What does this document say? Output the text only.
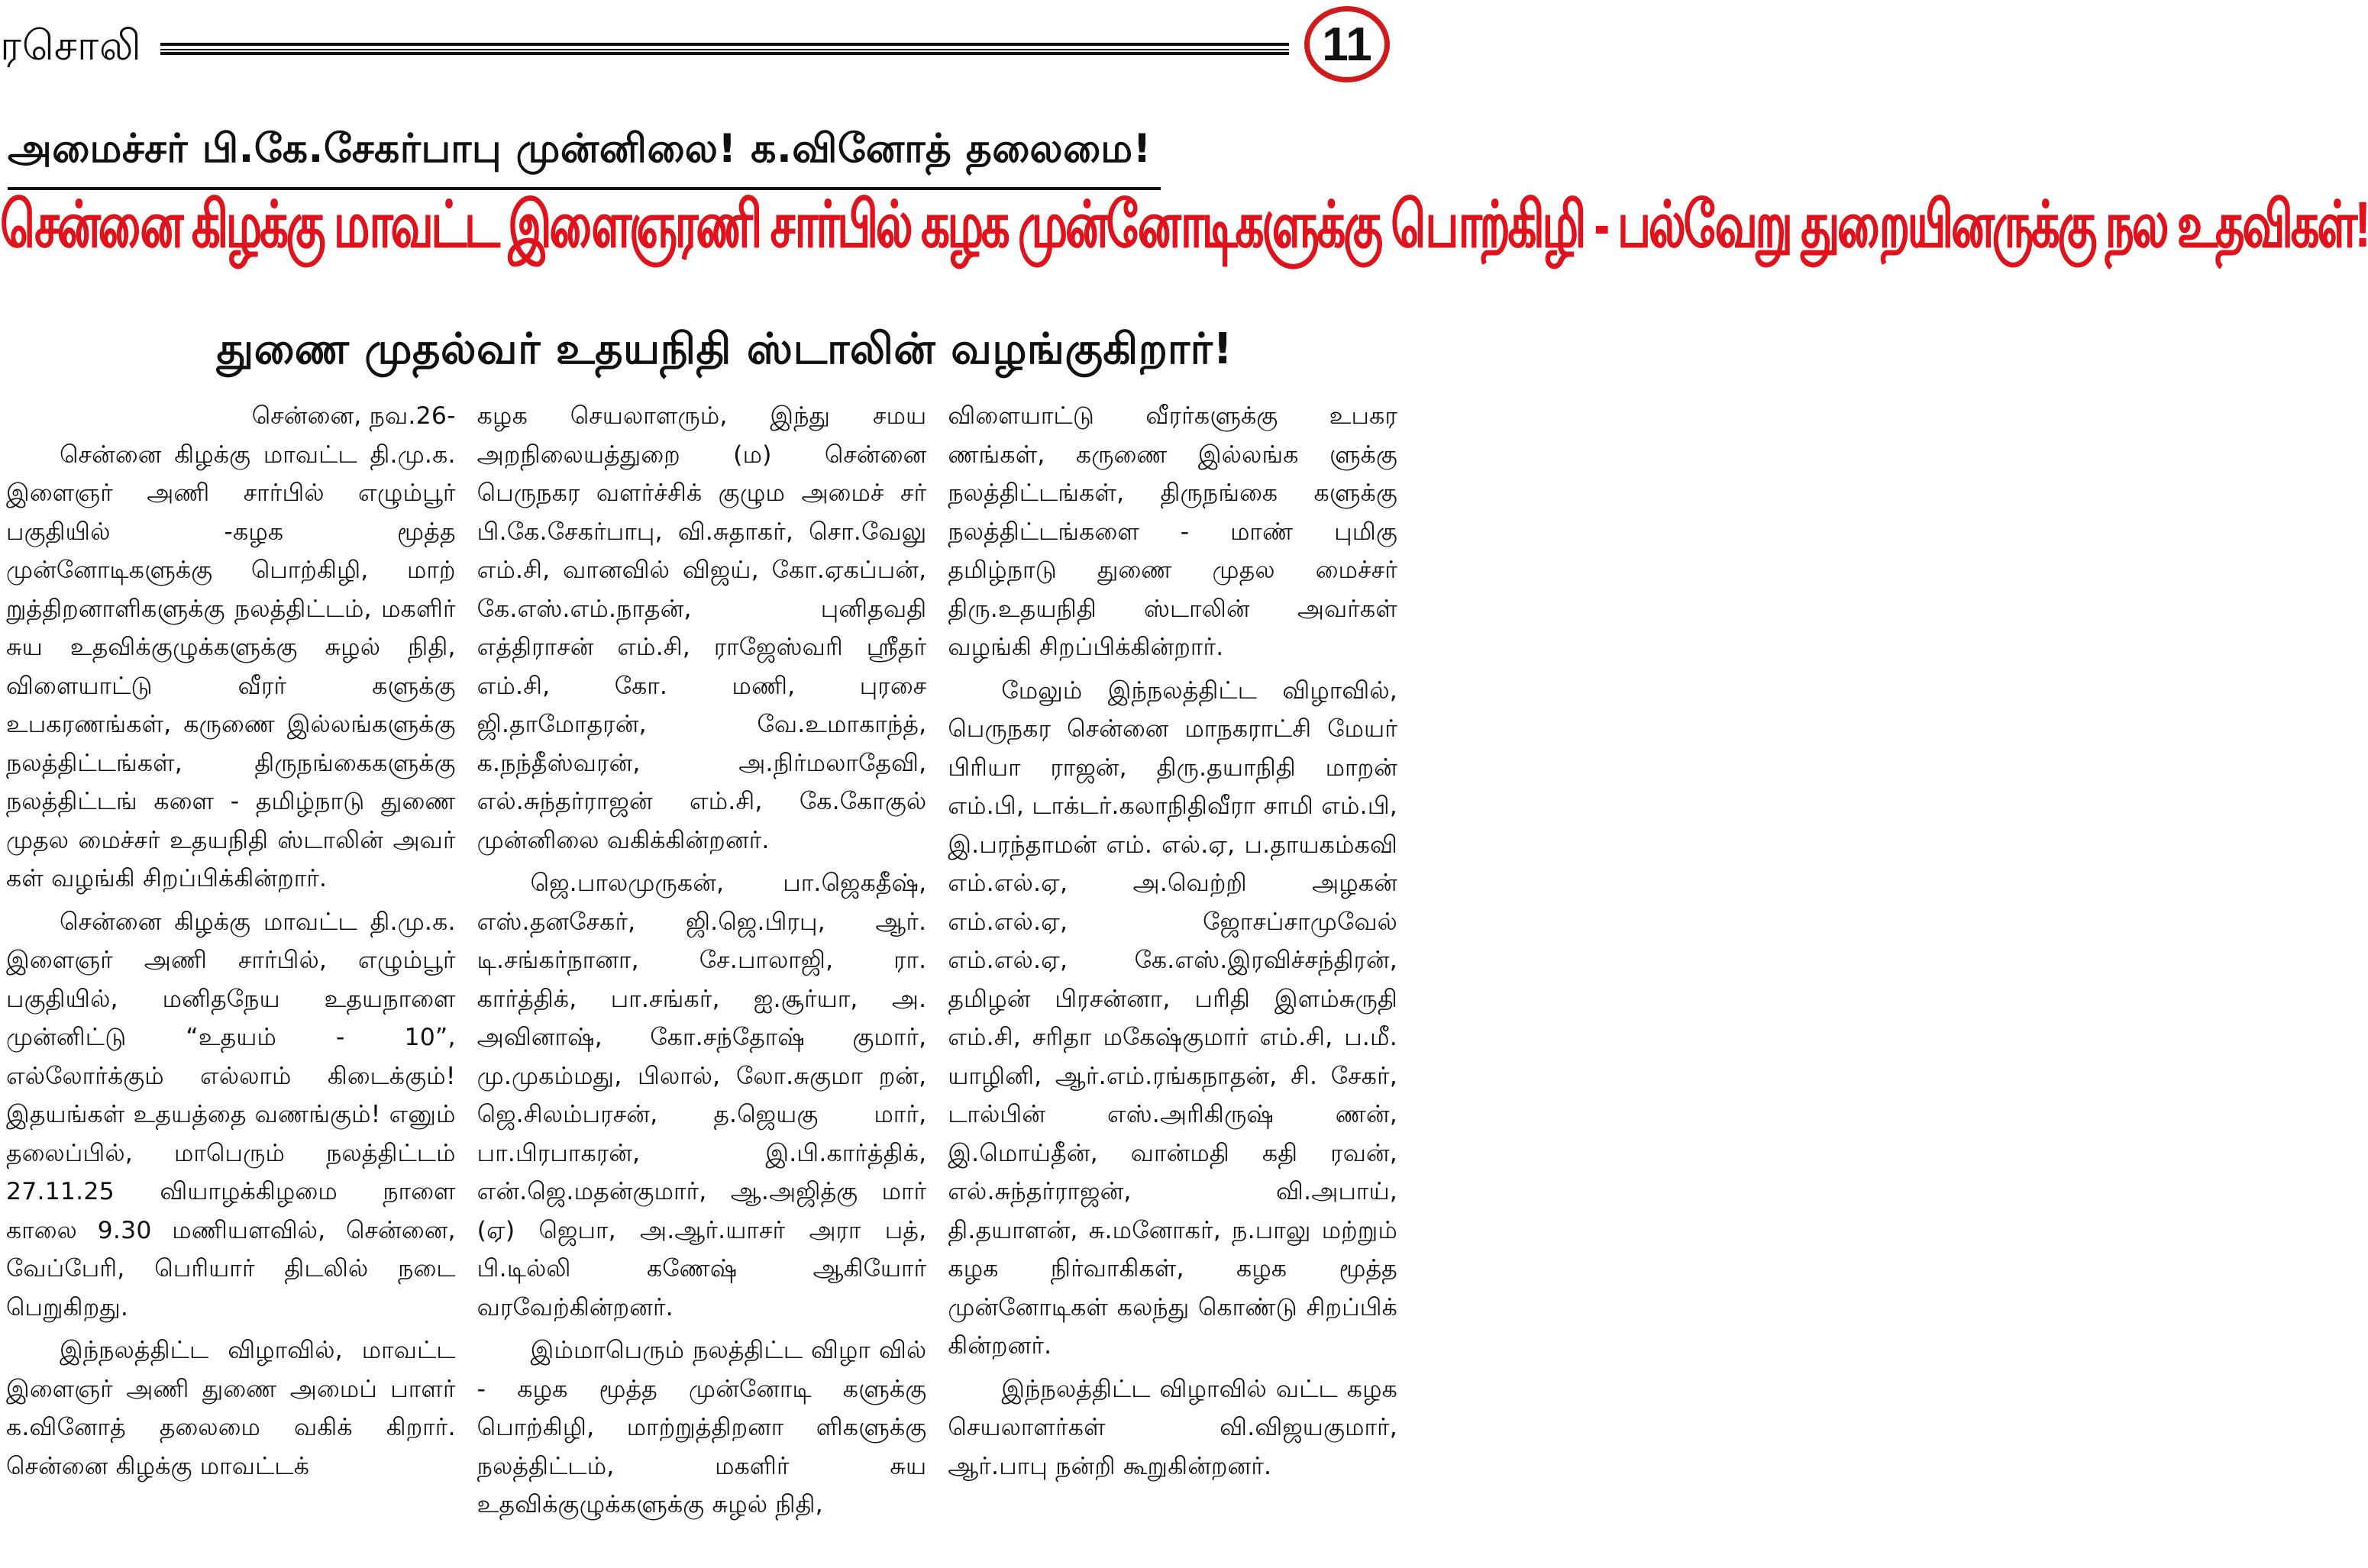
ரசொலி	11
அமைச்சர் பி.கே.சேகர்பாபு முன்னிலை! க.வினோத் தலைமை!
சென்னை கிழக்கு மாவட்ட இளைஞரணி சார்பில் கழக முன்னோடிகளுக்கு பொற்கிழி - பல்வேறு துறையினருக்கு நல உதவிகள்!
துணை முதல்வர் உதயநிதி ஸ்டாலின் வழங்குகிறார்!
சென்னை, நவ.26-

சென்னை கிழக்கு மாவட்ட தி.மு.க. இளைஞர் அணி சார்பில் எழும்பூர் பகுதியில் -கழக மூத்த முன்னோடிகளுக்கு பொற்கிழி, மாற் றுத்திறனாளிகளுக்கு நலத்திட்டம், மகளிர் சுய உதவிக்குழுக்களுக்கு சுழல் நிதி, விளையாட்டு வீரர் களுக்கு உபகரணங்கள், கருணை இல்லங்களுக்கு நலத்திட்டங்கள், திருநங்கைகளுக்கு நலத்திட்டங் களை - தமிழ்நாடு துணை முதல மைச்சர் உதயநிதி ஸ்டாலின் அவர் கள் வழங்கி சிறப்பிக்கின்றார்.

சென்னை கிழக்கு மாவட்ட தி.மு.க. இளைஞர் அணி சார்பில், எழும்பூர் பகுதியில், மனிதநேய உதயநாளை முன்னிட்டு “உதயம் - 10”, எல்லோர்க்கும் எல்லாம் கிடைக்கும்! இதயங்கள் உதயத்தை வணங்கும்! எனும் தலைப்பில், மாபெரும் நலத்திட்டம் 27.11.25 வியாழக்கிழமை நாளை காலை 9.30 மணியளவில், சென்னை, வேப்பேரி, பெரியார் திடலில் நடை பெறுகிறது.

இந்நலத்திட்ட விழாவில், மாவட்ட இளைஞர் அணி துணை அமைப் பாளர் க.வினோத் தலைமை வகிக் கிறார். சென்னை கிழக்கு மாவட்டக்

கழக செயலாளரும், இந்து சமய அறநிலையத்துறை (ம) சென்னை பெருநகர வளர்ச்சிக் குழும அமைச் சர் பி.கே.சேகர்பாபு, வி.சுதாகர், சொ.வேலு எம்.சி, வானவில் விஜய், கோ.ஏகப்பன், கே.எஸ்.எம்.நாதன், புனிதவதி எத்திராசன் எம்.சி, ராஜேஸ்வரி ஸ்ரீதர் எம்.சி, கோ. மணி, புரசை ஜி.தாமோதரன், வே.உமாகாந்த், க.நந்தீஸ்வரன், அ.நிர்மலாதேவி, எல்.சுந்தர்ராஜன் எம்.சி, கே.கோகுல் முன்னிலை வகிக்கின்றனர்.

ஜெ.பாலமுருகன், பா.ஜெகதீஷ், எஸ்.தனசேகர், ஜி.ஜெ.பிரபு, ஆர். டி.சங்கர்நானா, சே.பாலாஜி, ரா. கார்த்திக், பா.சங்கர், ஐ.சூர்யா, அ. அவினாஷ், கோ.சந்தோஷ் குமார், மு.முகம்மது, பிலால், லோ.சுகுமா றன், ஜெ.சிலம்பரசன், த.ஜெயகு மார், பா.பிரபாகரன், இ.பி.கார்த்திக், என்.ஜெ.மதன்குமார், ஆ.அஜித்கு மார் (ஏ) ஜெபா, அ.ஆர்.யாசர் அரா பத், பி.டில்லி கணேஷ் ஆகியோர் வரவேற்கின்றனர்.

இம்மாபெரும் நலத்திட்ட விழா வில் - கழக மூத்த முன்னோடி களுக்கு பொற்கிழி, மாற்றுத்திறனா ளிகளுக்கு நலத்திட்டம், மகளிர் சுய உதவிக்குழுக்களுக்கு சுழல் நிதி,

விளையாட்டு வீரர்களுக்கு உபகர ணங்கள், கருணை இல்லங்க ளுக்கு நலத்திட்டங்கள், திருநங்கை களுக்கு நலத்திட்டங்களை - மாண் புமிகு தமிழ்நாடு துணை முதல மைச்சர் திரு.உதயநிதி ஸ்டாலின் அவர்கள் வழங்கி சிறப்பிக்கின்றார்.

மேலும் இந்நலத்திட்ட விழாவில், பெருநகர சென்னை மாநகராட்சி மேயர் பிரியா ராஜன், திரு.தயாநிதி மாறன் எம்.பி, டாக்டர்.கலாநிதிவீரா சாமி எம்.பி, இ.பரந்தாமன் எம். எல்.ஏ, ப.தாயகம்கவி எம்.எல்.ஏ, அ.வெற்றி அழகன் எம்.எல்.ஏ, ஜோசப்சாமுவேல் எம்.எல்.ஏ, கே.எஸ்.இரவிச்சந்திரன், தமிழன் பிரசன்னா, பரிதி இளம்சுருதி எம்.சி, சரிதா மகேஷ்குமார் எம்.சி, ப.மீ. யாழினி, ஆர்.எம்.ரங்கநாதன், சி. சேகர், டால்பின் எஸ்.அரிகிருஷ் ணன், இ.மொய்தீன், வான்மதி கதி ரவன், எல்.சுந்தர்ராஜன், வி.அபாய், தி.தயாளன், சு.மனோகர், ந.பாலு மற்றும் கழக நிர்வாகிகள், கழக மூத்த முன்னோடிகள் கலந்து கொண்டு சிறப்பிக் கின்றனர்.

இந்நலத்திட்ட விழாவில் வட்ட கழக செயலாளர்கள் வி.விஜயகுமார், ஆர்.பாபு நன்றி கூறுகின்றனர்.
